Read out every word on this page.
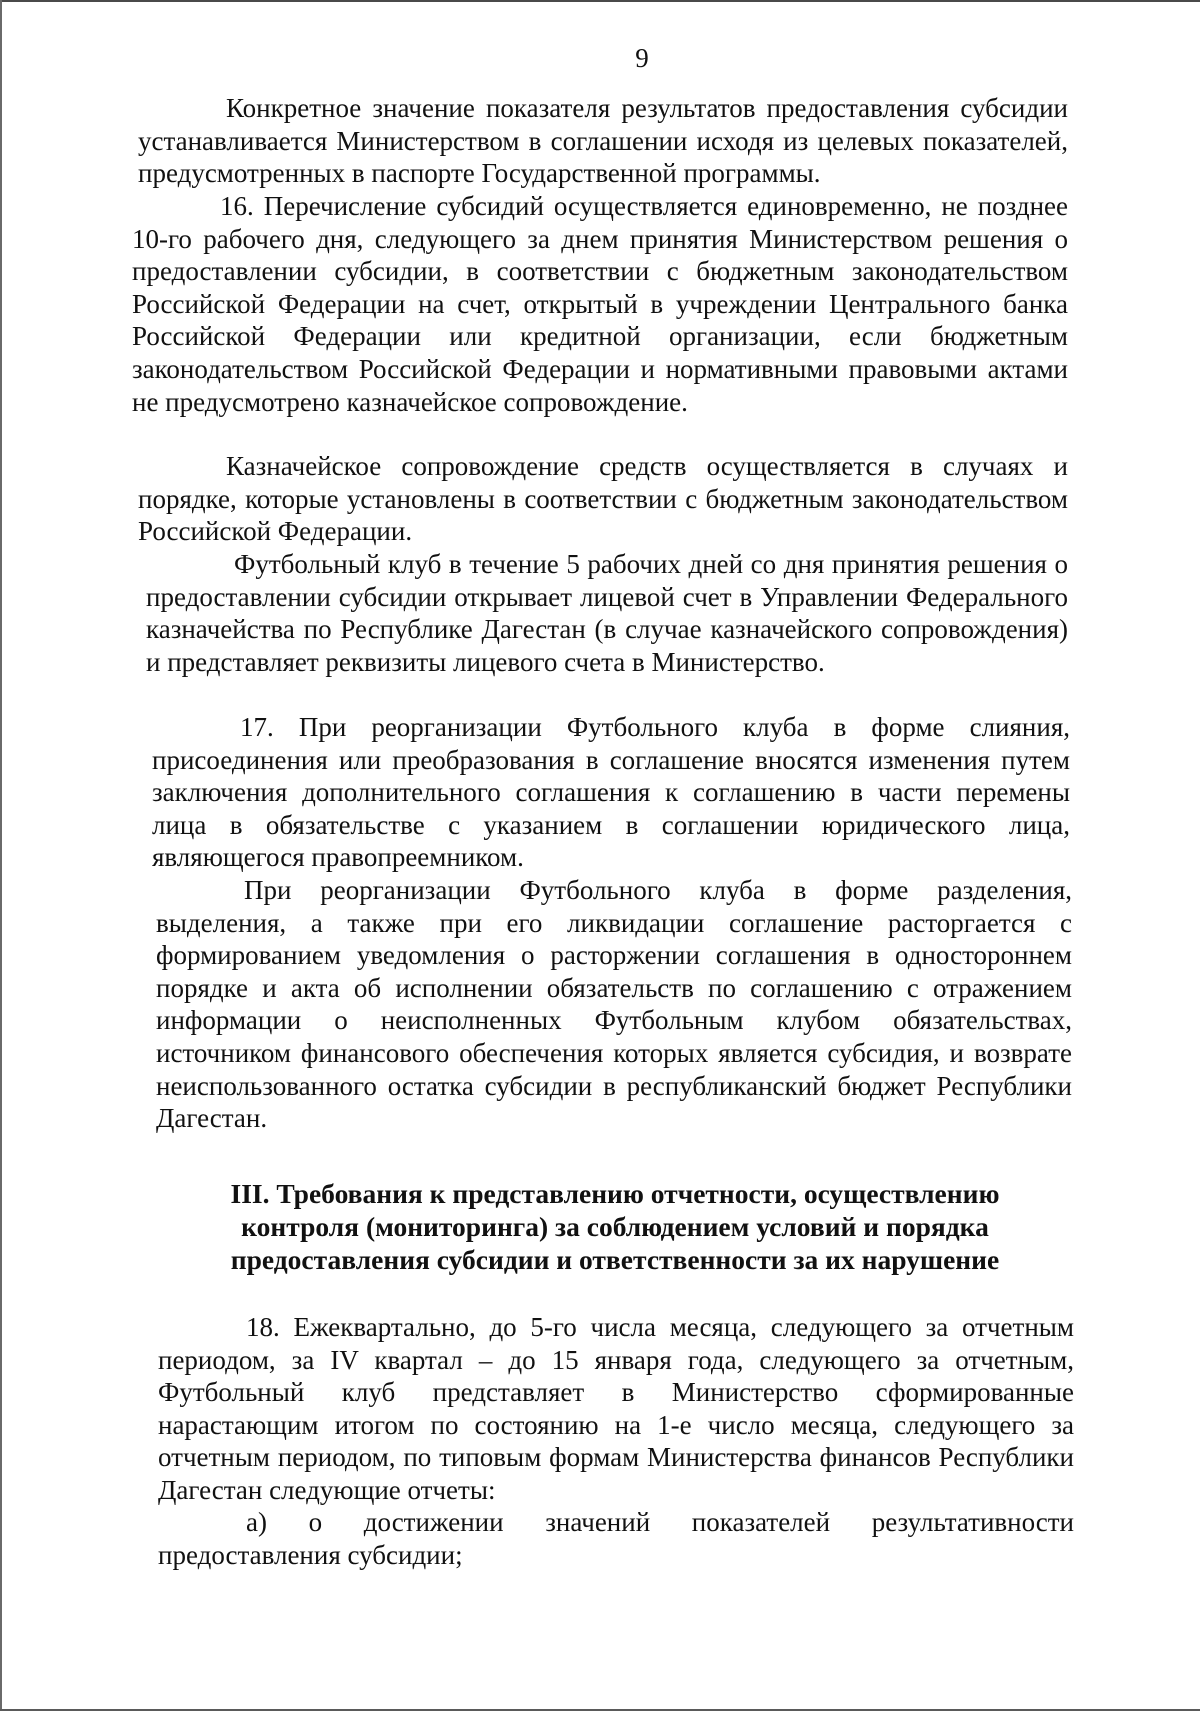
9

Конкретное значение показателя результатов предоставления субсидии устанавливается Министерством в соглашении исходя из целевых показателей, предусмотренных в паспорте Государственной программы.

16. Перечисление субсидий осуществляется единовременно, не позднее 10-го рабочего дня, следующего за днем принятия Министерством решения о предоставлении субсидии, в соответствии с бюджетным законодательством Российской Федерации на счет, открытый в учреждении Центрального банка Российской Федерации или кредитной организации, если бюджетным законодательством Российской Федерации и нормативными правовыми актами не предусмотрено казначейское сопровождение.

Казначейское сопровождение средств осуществляется в случаях и порядке, которые установлены в соответствии с бюджетным законодательством Российской Федерации.

Футбольный клуб в течение 5 рабочих дней со дня принятия решения о предоставлении субсидии открывает лицевой счет в Управлении Федерального казначейства по Республике Дагестан (в случае казначейского сопровождения) и представляет реквизиты лицевого счета в Министерство.

17. При реорганизации Футбольного клуба в форме слияния, присоединения или преобразования в соглашение вносятся изменения путем заключения дополнительного соглашения к соглашению в части перемены лица в обязательстве с указанием в соглашении юридического лица, являющегося правопреемником.

При реорганизации Футбольного клуба в форме разделения, выделения, а также при его ликвидации соглашение расторгается с формированием уведомления о расторжении соглашения в одностороннем порядке и акта об исполнении обязательств по соглашению с отражением информации о неисполненных Футбольным клубом обязательствах, источником финансового обеспечения которых является субсидия, и возврате неиспользованного остатка субсидии в республиканский бюджет Республики Дагестан.

III. Требования к представлению отчетности, осуществлению
контроля (мониторинга) за соблюдением условий и порядка
предоставления субсидии и ответственности за их нарушение

18. Ежеквартально, до 5-го числа месяца, следующего за отчетным периодом, за IV квартал – до 15 января года, следующего за отчетным, Футбольный клуб представляет в Министерство сформированные нарастающим итогом по состоянию на 1-е число месяца, следующего за отчетным периодом, по типовым формам Министерства финансов Республики Дагестан следующие отчеты:

а) о достижении значений показателей результативности предоставления субсидии;
